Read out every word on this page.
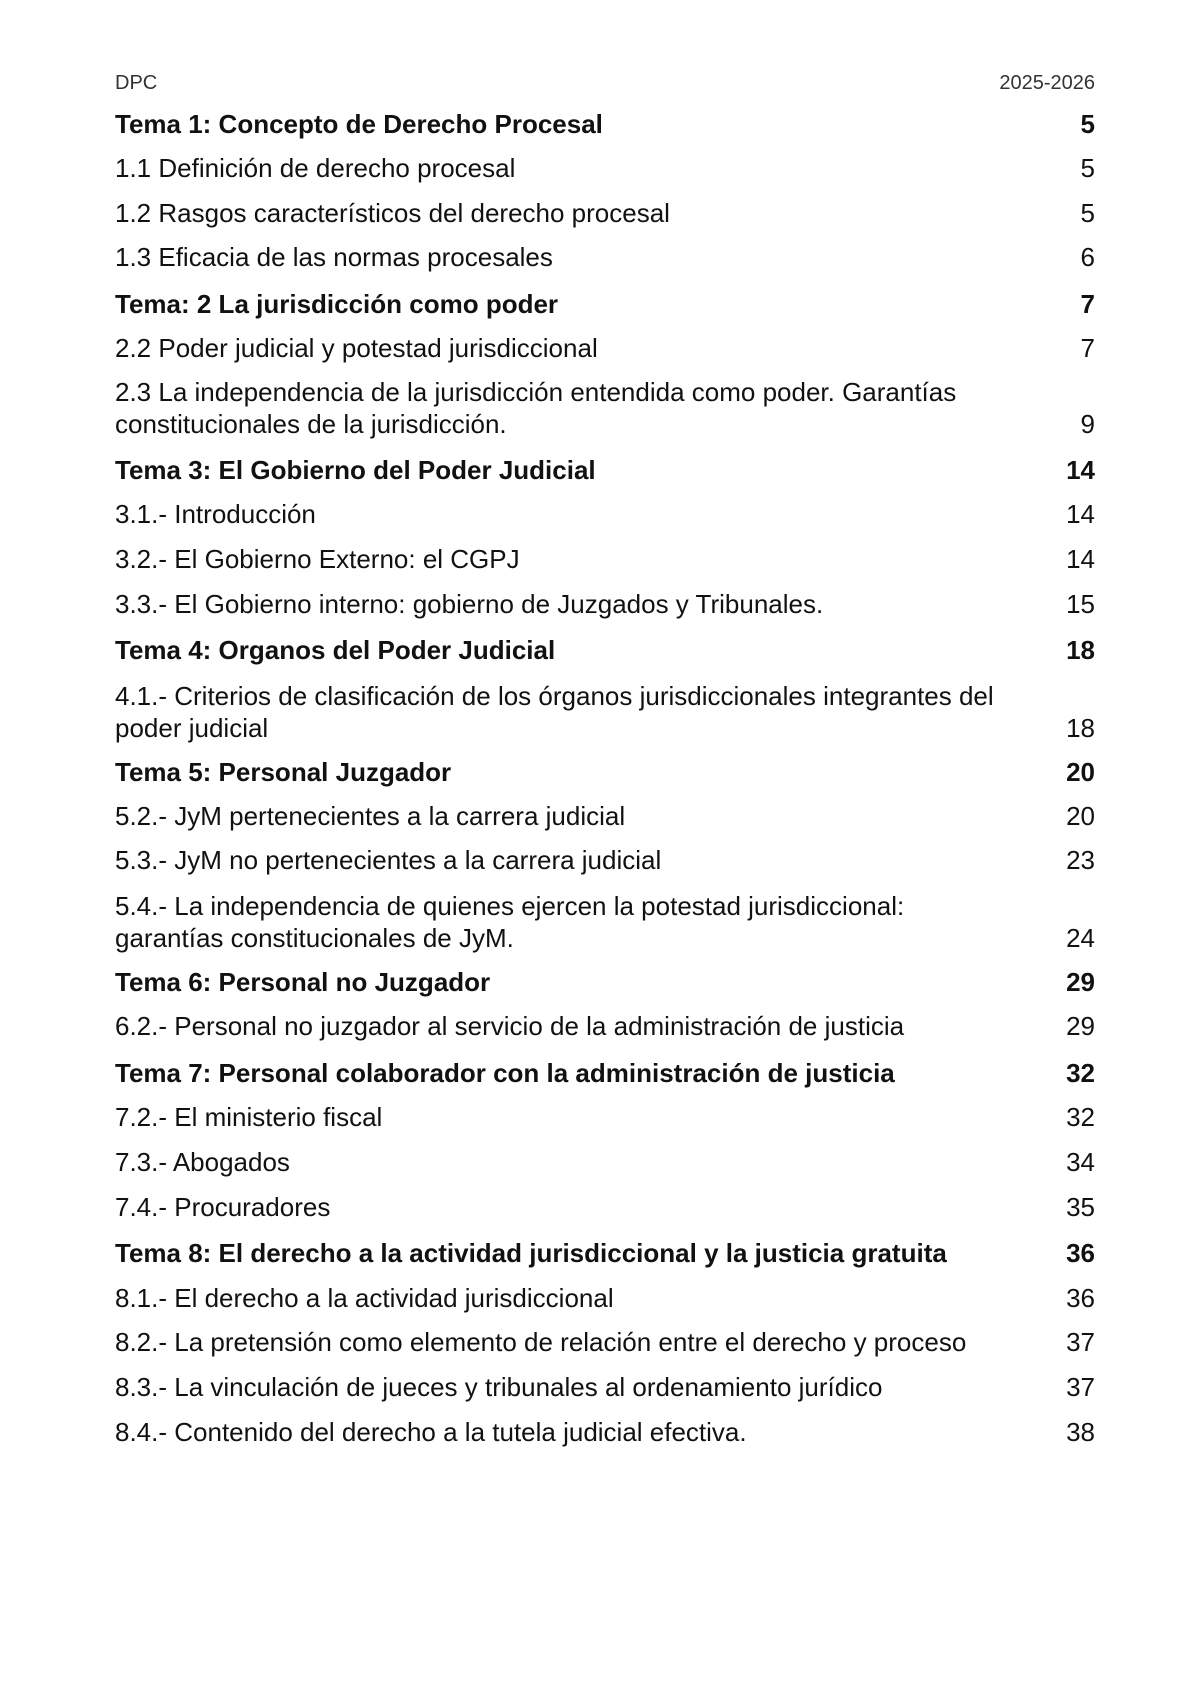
DPC	2025-2026
Tema 1: Concepto de Derecho Procesal	5
1.1 Definición de derecho procesal	5
1.2 Rasgos característicos del derecho procesal	5
1.3 Eficacia de las normas procesales	6
Tema: 2 La jurisdicción como poder	7
2.2 Poder judicial y potestad jurisdiccional	7
2.3 La independencia de la jurisdicción entendida como poder. Garantías
constitucionales de la jurisdicción.	9
Tema 3: El Gobierno del Poder Judicial	14
3.1.- Introducción	14
3.2.- El Gobierno Externo: el CGPJ	14
3.3.- El Gobierno interno: gobierno de Juzgados y Tribunales.	15
Tema 4: Organos del Poder Judicial	18
4.1.- Criterios de clasificación de los órganos jurisdiccionales integrantes del
poder judicial	18
Tema 5: Personal Juzgador	20
5.2.- JyM pertenecientes a la carrera judicial	20
5.3.- JyM no pertenecientes a la carrera judicial	23
5.4.- La independencia de quienes ejercen la potestad jurisdiccional:
garantías constitucionales de JyM.	24
Tema 6: Personal no Juzgador	29
6.2.- Personal no juzgador al servicio de la administración de justicia	29
Tema 7: Personal colaborador con la administración de justicia	32
7.2.- El ministerio fiscal	32
7.3.- Abogados	34
7.4.- Procuradores	35
Tema 8: El derecho a la actividad jurisdiccional y la justicia gratuita	36
8.1.- El derecho a la actividad jurisdiccional	36
8.2.- La pretensión como elemento de relación entre el derecho y proceso	37
8.3.- La vinculación de jueces y tribunales al ordenamiento jurídico	37
8.4.- Contenido del derecho a la tutela judicial efectiva.	38
